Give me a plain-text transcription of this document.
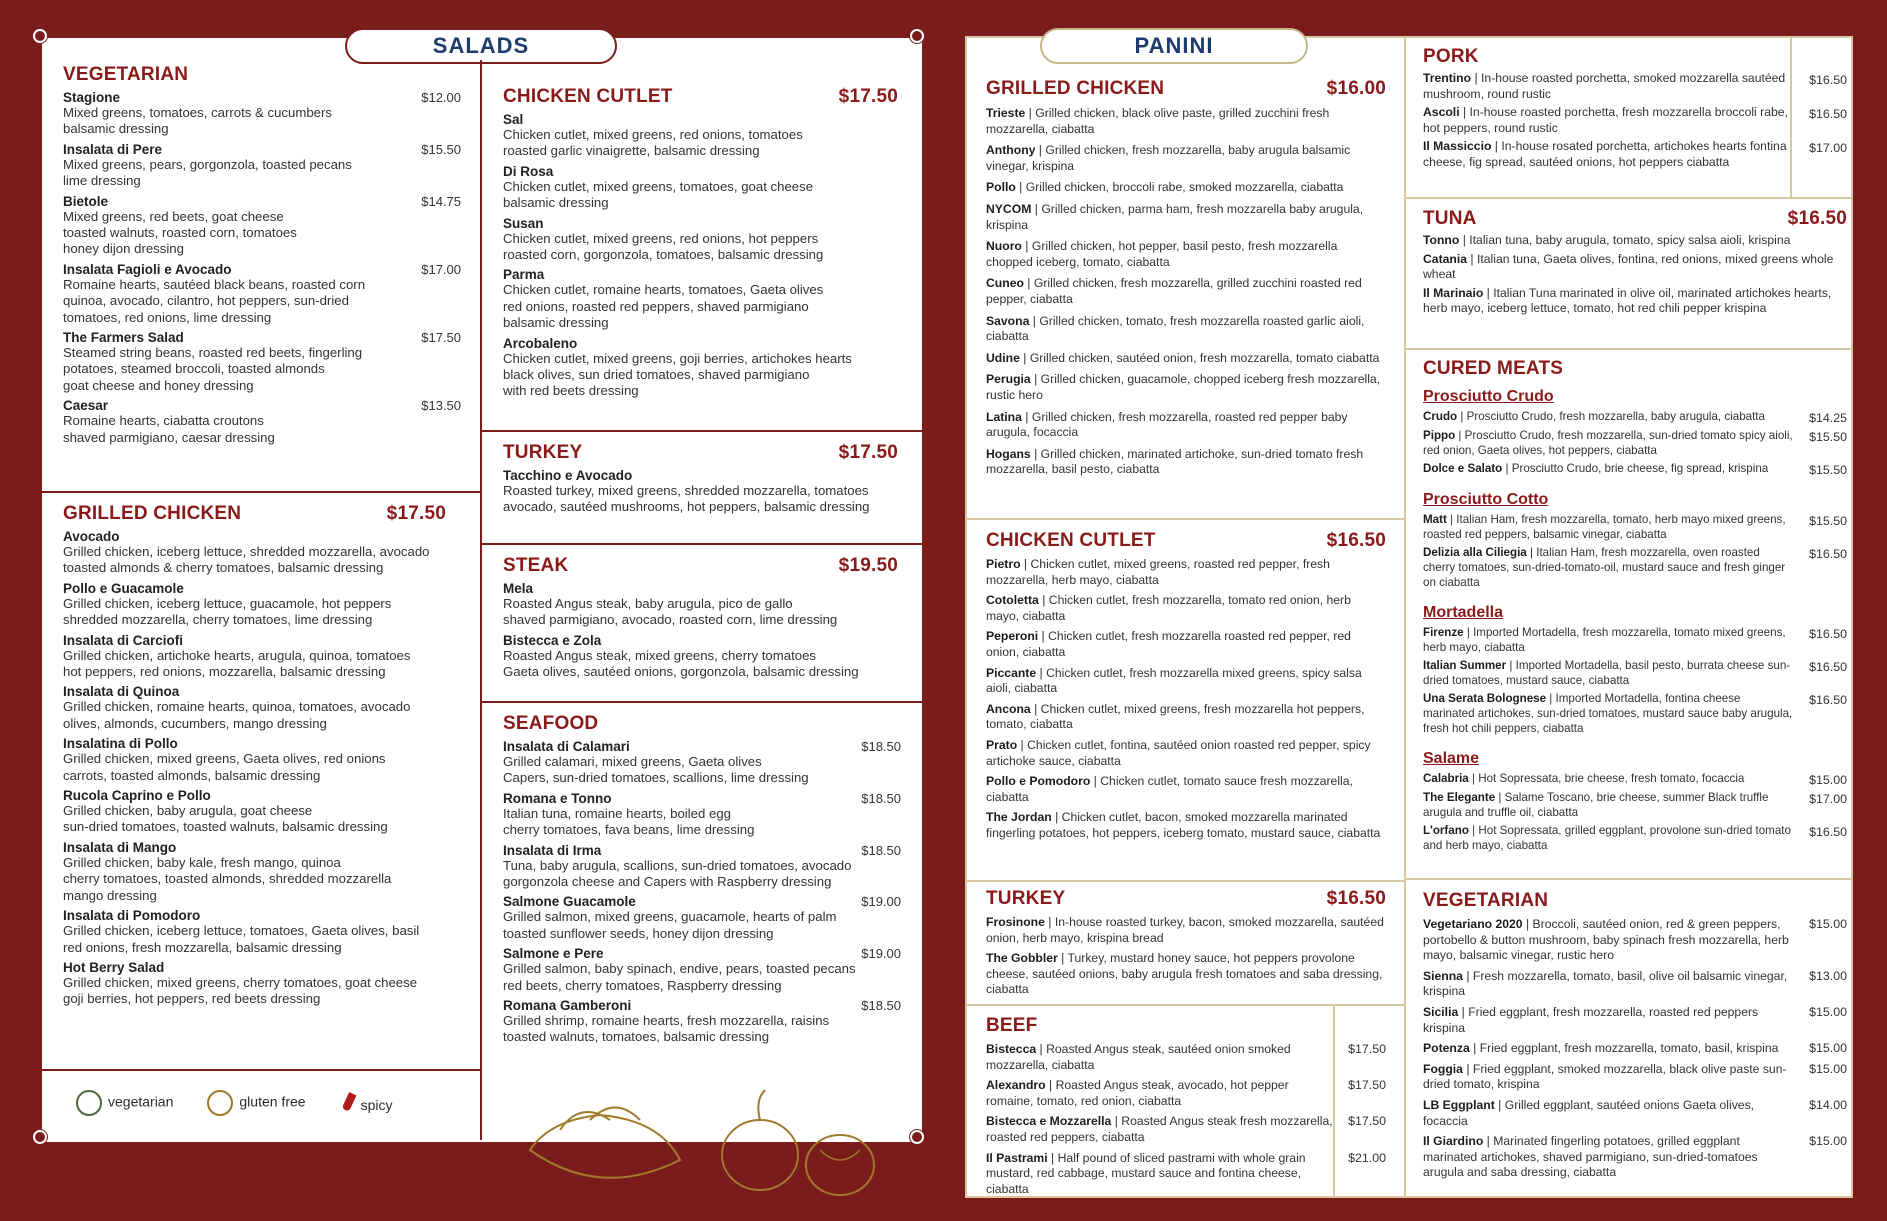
SALADS
VEGETARIAN
Stagione	$12.00
Mixed greens, tomatoes, carrots & cucumbers
balsamic dressing
Insalata di Pere	$15.50
Mixed greens, pears, gorgonzola, toasted pecans
lime dressing
Bietole	$14.75
Mixed greens, red beets, goat cheese
toasted walnuts, roasted corn, tomatoes
honey dijon dressing
Insalata Fagioli e Avocado	$17.00
Romaine hearts, sautéed black beans, roasted corn
quinoa, avocado, cilantro, hot peppers, sun-dried
tomatoes, red onions, lime dressing
The Farmers Salad	$17.50
Steamed string beans, roasted red beets, fingerling
potatoes, steamed broccoli, toasted almonds
goat cheese and honey dressing
Caesar	$13.50
Romaine hearts, ciabatta croutons
shaved parmigiano, caesar dressing
GRILLED CHICKEN	$17.50
Avocado
Grilled chicken, iceberg lettuce, shredded mozzarella, avocado
toasted almonds & cherry tomatoes, balsamic dressing
Pollo e Guacamole
Grilled chicken, iceberg lettuce, guacamole, hot peppers
shredded mozzarella, cherry tomatoes, lime dressing
Insalata di Carciofi
Grilled chicken, artichoke hearts, arugula, quinoa, tomatoes
hot peppers, red onions, mozzarella, balsamic dressing
Insalata di Quinoa
Grilled chicken, romaine hearts, quinoa, tomatoes, avocado
olives, almonds, cucumbers, mango dressing
Insalatina di Pollo
Grilled chicken, mixed greens, Gaeta olives, red onions
carrots, toasted almonds, balsamic dressing
Rucola Caprino e Pollo
Grilled chicken, baby arugula, goat cheese
sun-dried tomatoes, toasted walnuts, balsamic dressing
Insalata di Mango
Grilled chicken, baby kale, fresh mango, quinoa
cherry tomatoes, toasted almonds, shredded mozzarella
mango dressing
Insalata di Pomodoro
Grilled chicken, iceberg lettuce, tomatoes, Gaeta olives, basil
red onions, fresh mozzarella, balsamic dressing
Hot Berry Salad
Grilled chicken, mixed greens, cherry tomatoes, goat cheese
goji berries, hot peppers, red beets dressing
CHICKEN CUTLET	$17.50
Sal
Chicken cutlet, mixed greens, red onions, tomatoes
roasted garlic vinaigrette, balsamic dressing
Di Rosa
Chicken cutlet, mixed greens, tomatoes, goat cheese
balsamic dressing
Susan
Chicken cutlet, mixed greens, red onions, hot peppers
roasted corn, gorgonzola, tomatoes, balsamic dressing
Parma
Chicken cutlet, romaine hearts, tomatoes, Gaeta olives
red onions, roasted red peppers, shaved parmigiano
balsamic dressing
Arcobaleno
Chicken cutlet, mixed greens, goji berries, artichokes hearts
black olives, sun dried tomatoes, shaved parmigiano
with red beets dressing
TURKEY	$17.50
Tacchino e Avocado
Roasted turkey, mixed greens, shredded mozzarella, tomatoes
avocado, sautéed mushrooms, hot peppers, balsamic dressing
STEAK	$19.50
Mela
Roasted Angus steak, baby arugula, pico de gallo
shaved parmigiano, avocado, roasted corn, lime dressing
Bistecca e Zola
Roasted Angus steak, mixed greens, cherry tomatoes
Gaeta olives, sautéed onions, gorgonzola, balsamic dressing
SEAFOOD
Insalata di Calamari	$18.50
Grilled calamari, mixed greens, Gaeta olives
Capers, sun-dried tomatoes, scallions, lime dressing
Romana e Tonno	$18.50
Italian tuna, romaine hearts, boiled egg
cherry tomatoes, fava beans, lime dressing
Insalata di Irma	$18.50
Tuna, baby arugula, scallions, sun-dried tomatoes, avocado
gorgonzola cheese and Capers with Raspberry dressing
Salmone Guacamole	$19.00
Grilled salmon, mixed greens, guacamole, hearts of palm
toasted sunflower seeds, honey dijon dressing
Salmone e Pere	$19.00
Grilled salmon, baby spinach, endive, pears, toasted pecans
red beets, cherry tomatoes, Raspberry dressing
Romana Gamberoni	$18.50
Grilled shrimp, romaine hearts, fresh mozzarella, raisins
toasted walnuts, tomatoes, balsamic dressing
vegetarian	gluten free	spicy
PANINI
GRILLED CHICKEN	$16.00
Trieste | Grilled chicken, black olive paste, grilled zucchini fresh mozzarella, ciabatta
Anthony | Grilled chicken, fresh mozzarella, baby arugula balsamic vinegar, krispina
Pollo | Grilled chicken, broccoli rabe, smoked mozzarella, ciabatta
NYCOM | Grilled chicken, parma ham, fresh mozzarella baby arugula, krispina
Nuoro | Grilled chicken, hot pepper, basil pesto, fresh mozzarella chopped iceberg, tomato, ciabatta
Cuneo | Grilled chicken, fresh mozzarella, grilled zucchini roasted red pepper, ciabatta
Savona | Grilled chicken, tomato, fresh mozzarella roasted garlic aioli, ciabatta
Udine | Grilled chicken, sautéed onion, fresh mozzarella, tomato ciabatta
Perugia | Grilled chicken, guacamole, chopped iceberg fresh mozzarella, rustic hero
Latina | Grilled chicken, fresh mozzarella, roasted red pepper baby arugula, focaccia
Hogans | Grilled chicken, marinated artichoke, sun-dried tomato fresh mozzarella, basil pesto, ciabatta
CHICKEN CUTLET	$16.50
Pietro | Chicken cutlet, mixed greens, roasted red pepper, fresh mozzarella, herb mayo, ciabatta
Cotoletta | Chicken cutlet, fresh mozzarella, tomato red onion, herb mayo, ciabatta
Peperoni | Chicken cutlet, fresh mozzarella roasted red pepper, red onion, ciabatta
Piccante | Chicken cutlet, fresh mozzarella mixed greens, spicy salsa aioli, ciabatta
Ancona | Chicken cutlet, mixed greens, fresh mozzarella hot peppers, tomato, ciabatta
Prato | Chicken cutlet, fontina, sautéed onion roasted red pepper, spicy artichoke sauce, ciabatta
Pollo e Pomodoro | Chicken cutlet, tomato sauce fresh mozzarella, ciabatta
The Jordan | Chicken cutlet, bacon, smoked mozzarella marinated fingerling potatoes, hot peppers, iceberg tomato, mustard sauce, ciabatta
TURKEY	$16.50
Frosinone | In-house roasted turkey, bacon, smoked mozzarella, sautéed onion, herb mayo, krispina bread
The Gobbler | Turkey, mustard honey sauce, hot peppers provolone cheese, sautéed onions, baby arugula fresh tomatoes and saba dressing, ciabatta
BEEF
Bistecca | Roasted Angus steak, sautéed onion smoked mozzarella, ciabatta
$17.50
Alexandro | Roasted Angus steak, avocado, hot pepper romaine, tomato, red onion, ciabatta
$17.50
Bistecca e Mozzarella | Roasted Angus steak fresh mozzarella, roasted red peppers, ciabatta
$17.50
Il Pastrami | Half pound of sliced pastrami with whole grain mustard, red cabbage, mustard sauce and fontina cheese, ciabatta
$21.00
PORK
Trentino | In-house roasted porchetta, smoked mozzarella sautéed mushroom, round rustic
$16.50
Ascoli | In-house roasted porchetta, fresh mozzarella broccoli rabe, hot peppers, round rustic
$16.50
Il Massiccio | In-house rosated porchetta, artichokes hearts fontina cheese, fig spread, sautéed onions, hot peppers ciabatta
$17.00
TUNA	$16.50
Tonno | Italian tuna, baby arugula, tomato, spicy salsa aioli, krispina
Catania | Italian tuna, Gaeta olives, fontina, red onions, mixed greens whole wheat
Il Marinaio | Italian Tuna marinated in olive oil, marinated artichokes hearts, herb mayo, iceberg lettuce, tomato, hot red chili pepper krispina
CURED MEATS
Prosciutto Crudo
Crudo | Prosciutto Crudo, fresh mozzarella, baby arugula, ciabatta	$14.25
Pippo | Prosciutto Crudo, fresh mozzarella, sun-dried tomato spicy aioli, red onion, Gaeta olives, hot peppers, ciabatta
$15.50
Dolce e Salato | Prosciutto Crudo, brie cheese, fig spread, krispina	$15.50
Prosciutto Cotto
Matt | Italian Ham, fresh mozzarella, tomato, herb mayo mixed greens, roasted red peppers, balsamic vinegar, ciabatta
$15.50
Delizia alla Ciliegia | Italian Ham, fresh mozzarella, oven roasted cherry tomatoes, sun-dried-tomato-oil, mustard sauce and fresh ginger on ciabatta
$16.50
Mortadella
Firenze | Imported Mortadella, fresh mozzarella, tomato mixed greens, herb mayo, ciabatta
$16.50
Italian Summer | Imported Mortadella, basil pesto, burrata cheese sun-dried tomatoes, mustard sauce, ciabatta
$16.50
Una Serata Bolognese | Imported Mortadella, fontina cheese marinated artichokes, sun-dried tomatoes, mustard sauce baby arugula, fresh hot chili peppers, ciabatta
$16.50
Salame
Calabria | Hot Sopressata, brie cheese, fresh tomato, focaccia	$15.00
The Elegante | Salame Toscano, brie cheese, summer Black truffle arugula and truffle oil, ciabatta
$17.00
L'orfano | Hot Sopressata, grilled eggplant, provolone sun-dried tomato and herb mayo, ciabatta
$16.50
VEGETARIAN
Vegetariano 2020 | Broccoli, sautéed onion, red & green peppers, portobello & button mushroom, baby spinach fresh mozzarella, herb mayo, balsamic vinegar, rustic hero
$15.00
Sienna | Fresh mozzarella, tomato, basil, olive oil balsamic vinegar, krispina
$13.00
Sicilia | Fried eggplant, fresh mozzarella, roasted red peppers krispina
$15.00
Potenza | Fried eggplant, fresh mozzarella, tomato, basil, krispina	$15.00
Foggia | Fried eggplant, smoked mozzarella, black olive paste sun-dried tomato, krispina
$15.00
LB Eggplant | Grilled eggplant, sautéed onions Gaeta olives, focaccia
$14.00
Il Giardino | Marinated fingerling potatoes, grilled eggplant marinated artichokes, shaved parmigiano, sun-dried-tomatoes arugula and saba dressing, ciabatta
$15.00
